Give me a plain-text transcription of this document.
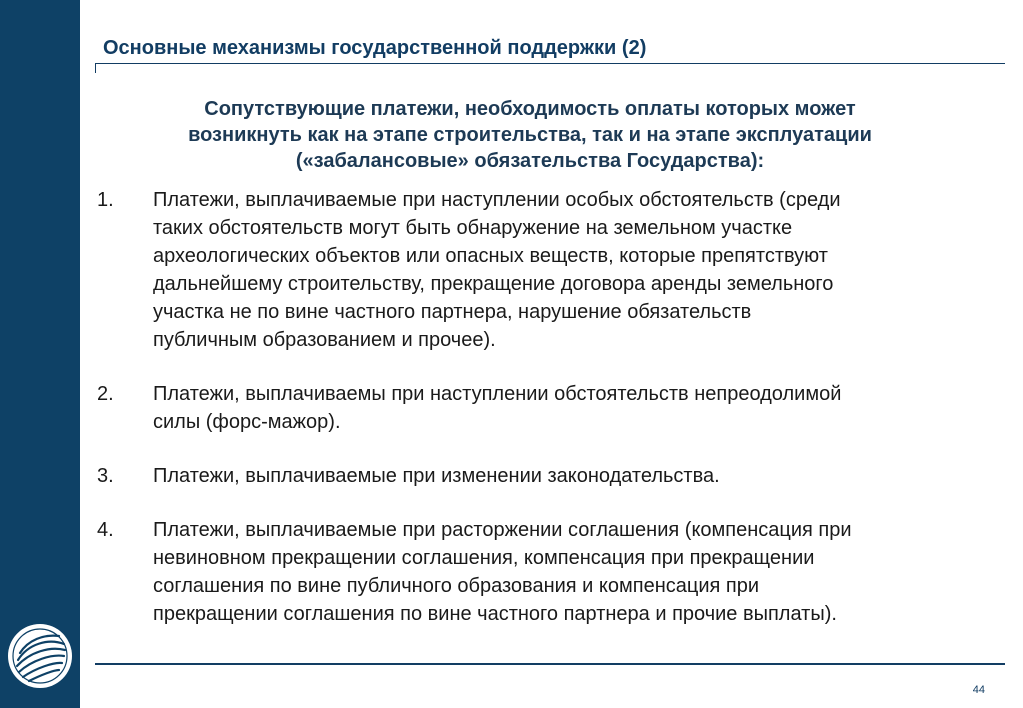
Основные механизмы государственной поддержки (2)
Сопутствующие платежи, необходимость оплаты которых может
возникнуть как на этапе строительства, так и на этапе эксплуатации
(«забалансовые» обязательства Государства):
1. Платежи, выплачиваемые при наступлении особых обстоятельств (среди
таких обстоятельств могут быть обнаружение на земельном участке
археологических объектов или опасных веществ, которые препятствуют
дальнейшему строительству, прекращение договора аренды земельного
участка не по вине частного партнера, нарушение обязательств
публичным образованием и прочее).
2. Платежи, выплачиваемы при наступлении обстоятельств непреодолимой
силы (форс-мажор).
3. Платежи, выплачиваемые при изменении законодательства.
4. Платежи, выплачиваемые при расторжении соглашения (компенсация при
невиновном прекращении соглашения, компенсация при прекращении
соглашения по вине публичного образования и компенсация при
прекращении соглашения по вине частного партнера и прочие выплаты).
44
